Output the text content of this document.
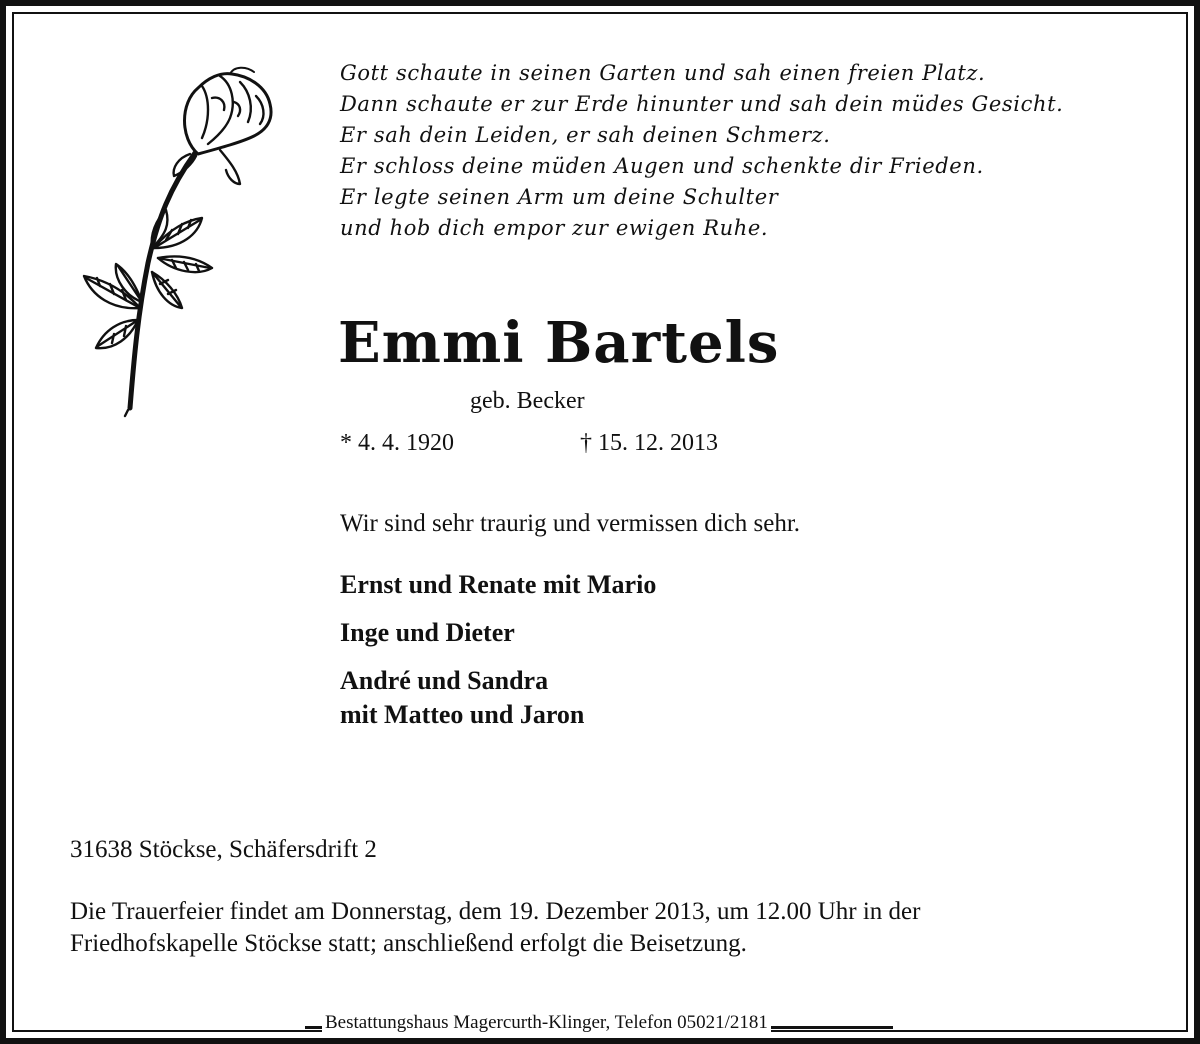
Gott schaute in seinen Garten und sah einen freien Platz.
Dann schaute er zur Erde hinunter und sah dein müdes Gesicht.
Er sah dein Leiden, er sah deinen Schmerz.
Er schloss deine müden Augen und schenkte dir Frieden.
Er legte seinen Arm um deine Schulter
und hob dich empor zur ewigen Ruhe.
Emmi Bartels
geb. Becker
* 4. 4. 1920	† 15. 12. 2013
Wir sind sehr traurig und vermissen dich sehr.
Ernst und Renate mit Mario
Inge und Dieter
André und Sandra
mit Matteo und Jaron
31638 Stöckse, Schäfersdrift 2
Die Trauerfeier findet am Donnerstag, dem 19. Dezember 2013, um 12.00 Uhr in der
Friedhofskapelle Stöckse statt; anschließend erfolgt die Beisetzung.
Bestattungshaus Magercurth-Klinger, Telefon 05021/2181
